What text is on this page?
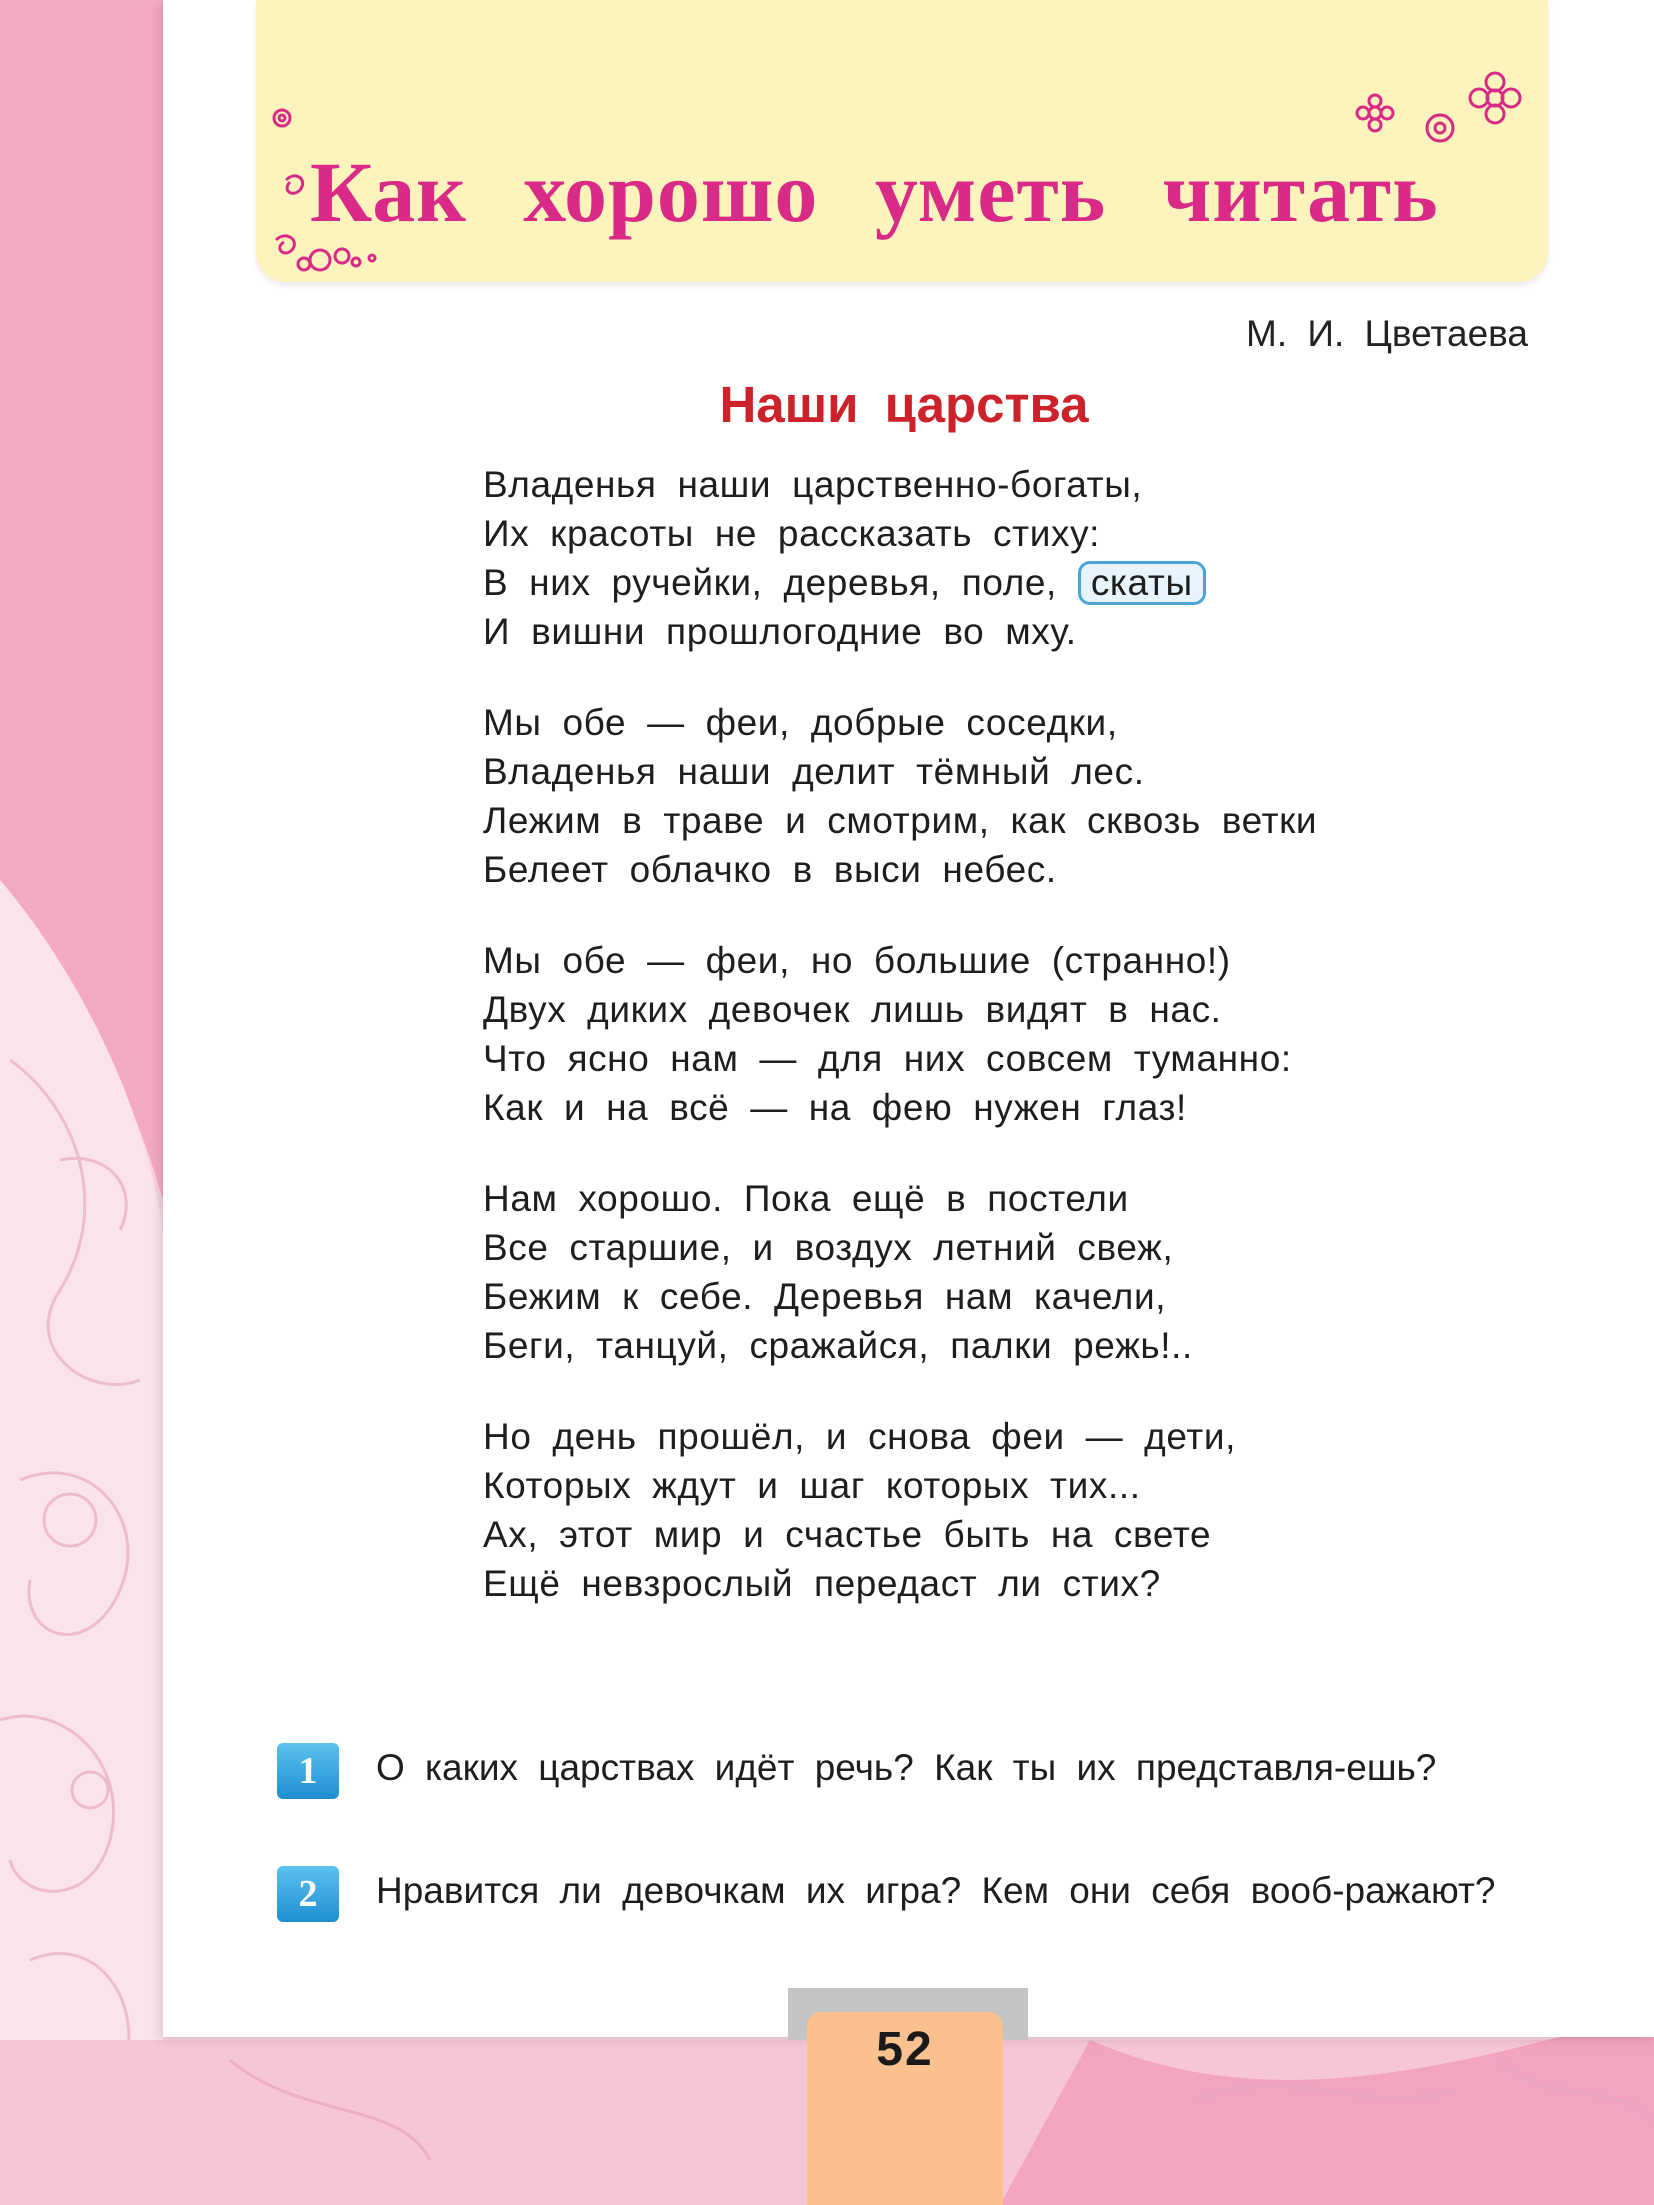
Как хорошо уметь читать
М. И. Цветаева
Наши царства
Владенья наши царственно-богаты,
Их красоты не рассказать стиху:
В них ручейки, деревья, поле, скаты
И вишни прошлогодние во мху.
Мы обе — феи, добрые соседки,
Владенья наши делит тёмный лес.
Лежим в траве и смотрим, как сквозь ветки
Белеет облачко в выси небес.
Мы обе — феи, но большие (странно!)
Двух диких девочек лишь видят в нас.
Что ясно нам — для них совсем туманно:
Как и на всё — на фею нужен глаз!
Нам хорошо. Пока ещё в постели
Все старшие, и воздух летний свеж,
Бежим к себе. Деревья нам качели,
Беги, танцуй, сражайся, палки режь!..
Но день прошёл, и снова феи — дети,
Которых ждут и шаг которых тих...
Ах, этот мир и счастье быть на свете
Ещё невзрослый передаст ли стих?
1	О каких царствах идёт речь? Как ты их представля-ешь?
2	Нравится ли девочкам их игра? Кем они себя вооб-ражают?
52
